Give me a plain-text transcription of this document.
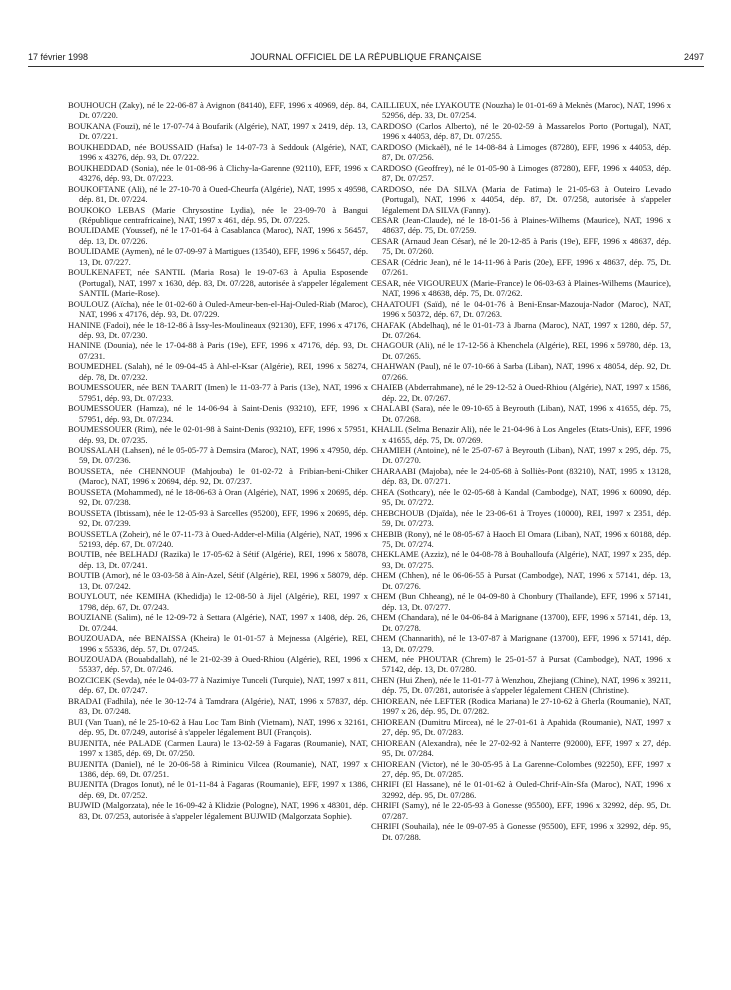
17 février 1998	JOURNAL OFFICIEL DE LA RÉPUBLIQUE FRANÇAISE	2497

BOUHOUCH (Zaky), né le 22-06-87 à Avignon (84140), EFF, 1996 x 40969, dép. 84, Dt. 07/220.

BOUKANA (Fouzi), né le 17-07-74 à Boufarik (Algérie), NAT, 1997 x 2419, dép. 13, Dt. 07/221.

BOUKHEDDAD, née BOUSSAID (Hafsa) le 14-07-73 à Seddouk (Algérie), NAT, 1996 x 43276, dép. 93, Dt. 07/222.

BOUKHEDDAD (Sonia), née le 01-08-96 à Clichy-la-Garenne (92110), EFF, 1996 x 43276, dép. 93, Dt. 07/223.

BOUKOFTANE (Ali), né le 27-10-70 à Oued-Cheurfa (Algérie), NAT, 1995 x 49598, dép. 81, Dt. 07/224.

BOUKOKO LEBAS (Marie Chrysostine Lydia), née le 23-09-70 à Bangui (République centrafricaine), NAT, 1997 x 461, dép. 95, Dt. 07/225.

BOULIDAME (Youssef), né le 17-01-64 à Casablanca (Maroc), NAT, 1996 x 56457, dép. 13, Dt. 07/226.

BOULIDAME (Aymen), né le 07-09-97 à Martigues (13540), EFF, 1996 x 56457, dép. 13, Dt. 07/227.

BOULKENAFET, née SANTIL (Maria Rosa) le 19-07-63 à Apulia Esposende (Portugal), NAT, 1997 x 1630, dép. 83, Dt. 07/228, autorisée à s'appeler légalement SANTIL (Marie-Rose).

BOULOUZ (Aïcha), née le 01-02-60 à Ouled-Ameur-ben-el-Haj-Ouled-Riab (Maroc), NAT, 1996 x 47176, dép. 93, Dt. 07/229.

HANINE (Fadoi), née le 18-12-86 à Issy-les-Moulineaux (92130), EFF, 1996 x 47176, dép. 93, Dt. 07/230.

HANINE (Dounia), née le 17-04-88 à Paris (19e), EFF, 1996 x 47176, dép. 93, Dt. 07/231.

BOUMEDHEL (Salah), né le 09-04-45 à Ahl-el-Ksar (Algérie), REI, 1996 x 58274, dép. 78, Dt. 07/232.

BOUMESSOUER, née BEN TAARIT (Imen) le 11-03-77 à Paris (13e), NAT, 1996 x 57951, dép. 93, Dt. 07/233.

BOUMESSOUER (Hamza), né le 14-06-94 à Saint-Denis (93210), EFF, 1996 x 57951, dép. 93, Dt. 07/234.

BOUMESSOUER (Rim), née le 02-01-98 à Saint-Denis (93210), EFF, 1996 x 57951, dép. 93, Dt. 07/235.

BOUSSALAH (Lahsen), né le 05-05-77 à Demsira (Maroc), NAT, 1996 x 47950, dép. 59, Dt. 07/236.

BOUSSETA, née CHENNOUF (Mahjouba) le 01-02-72 à Fribian-beni-Chiker (Maroc), NAT, 1996 x 20694, dép. 92, Dt. 07/237.

BOUSSETA (Mohammed), né le 18-06-63 à Oran (Algérie), NAT, 1996 x 20695, dép. 92, Dt. 07/238.

BOUSSETA (Ibtissam), née le 12-05-93 à Sarcelles (95200), EFF, 1996 x 20695, dép. 92, Dt. 07/239.

BOUSSETLA (Zoheir), né le 07-11-73 à Oued-Adder-el-Milia (Algérie), NAT, 1996 x 52193, dép. 67, Dt. 07/240.

BOUTIB, née BELHADJ (Razika) le 17-05-62 à Sétif (Algérie), REI, 1996 x 58078, dép. 13, Dt. 07/241.

BOUTIB (Amor), né le 03-03-58 à Aïn-Azel, Sétif (Algérie), REI, 1996 x 58079, dép. 13, Dt. 07/242.

BOUYLOUT, née KEMIHA (Khedidja) le 12-08-50 à Jijel (Algérie), REI, 1997 x 1798, dép. 67, Dt. 07/243.

BOUZIANE (Salim), né le 12-09-72 à Settara (Algérie), NAT, 1997 x 1408, dép. 26, Dt. 07/244.

BOUZOUADA, née BENAISSA (Kheira) le 01-01-57 à Mejnessa (Algérie), REI, 1996 x 55336, dép. 57, Dt. 07/245.

BOUZOUADA (Bouabdallah), né le 21-02-39 à Oued-Rhiou (Algérie), REI, 1996 x 55337, dép. 57, Dt. 07/246.

BOZCICEK (Sevda), née le 04-03-77 à Nazimiye Tunceli (Turquie), NAT, 1997 x 811, dép. 67, Dt. 07/247.

BRADAI (Fadhila), née le 30-12-74 à Tamdrara (Algérie), NAT, 1996 x 57837, dép. 83, Dt. 07/248.

BUI (Van Tuan), né le 25-10-62 à Hau Loc Tam Binh (Vietnam), NAT, 1996 x 32161, dép. 95, Dt. 07/249, autorisé à s'appeler légalement BUI (François).

BUJENITA, née PALADE (Carmen Laura) le 13-02-59 à Fagaras (Roumanie), NAT, 1997 x 1385, dép. 69, Dt. 07/250.

BUJENITA (Daniel), né le 20-06-58 à Riminicu Vilcea (Roumanie), NAT, 1997 x 1386, dép. 69, Dt. 07/251.

BUJENITA (Dragos Ionut), né le 01-11-84 à Fagaras (Roumanie), EFF, 1997 x 1386, dép. 69, Dt. 07/252.

BUJWID (Malgorzata), née le 16-09-42 à Klidzie (Pologne), NAT, 1996 x 48301, dép. 83, Dt. 07/253, autorisée à s'appeler légalement BUJWID (Malgorzata Sophie).

CAILLIEUX, née LYAKOUTE (Nouzha) le 01-01-69 à Meknès (Maroc), NAT, 1996 x 52956, dép. 33, Dt. 07/254.

CARDOSO (Carlos Alberto), né le 20-02-59 à Massarelos Porto (Portugal), NAT, 1996 x 44053, dép. 87, Dt. 07/255.

CARDOSO (Mickaël), né le 14-08-84 à Limoges (87280), EFF, 1996 x 44053, dép. 87, Dt. 07/256.

CARDOSO (Geoffrey), né le 01-05-90 à Limoges (87280), EFF, 1996 x 44053, dép. 87, Dt. 07/257.

CARDOSO, née DA SILVA (Maria de Fatima) le 21-05-63 à Outeiro Levado (Portugal), NAT, 1996 x 44054, dép. 87, Dt. 07/258, autorisée à s'appeler légalement DA SILVA (Fanny).

CESAR (Jean-Claude), né le 18-01-56 à Plaines-Wilhems (Maurice), NAT, 1996 x 48637, dép. 75, Dt. 07/259.

CESAR (Arnaud Jean César), né le 20-12-85 à Paris (19e), EFF, 1996 x 48637, dép. 75, Dt. 07/260.

CESAR (Cédric Jean), né le 14-11-96 à Paris (20e), EFF, 1996 x 48637, dép. 75, Dt. 07/261.

CESAR, née VIGOUREUX (Marie-France) le 06-03-63 à Plaines-Wilhems (Maurice), NAT, 1996 x 48638, dép. 75, Dt. 07/262.

CHAATOUFI (Saïd), né le 04-01-76 à Beni-Ensar-Mazouja-Nador (Maroc), NAT, 1996 x 50372, dép. 67, Dt. 07/263.

CHAFAK (Abdelhaq), né le 01-01-73 à Jbarna (Maroc), NAT, 1997 x 1280, dép. 57, Dt. 07/264.

CHAGOUR (Ali), né le 17-12-56 à Khenchela (Algérie), REI, 1996 x 59780, dép. 13, Dt. 07/265.

CHAHWAN (Paul), né le 07-10-66 à Sarba (Liban), NAT, 1996 x 48054, dép. 92, Dt. 07/266.

CHAIEB (Abderrahmane), né le 29-12-52 à Oued-Rhiou (Algérie), NAT, 1997 x 1586, dép. 22, Dt. 07/267.

CHALABI (Sara), née le 09-10-65 à Beyrouth (Liban), NAT, 1996 x 41655, dép. 75, Dt. 07/268.

KHALIL (Selma Benazir Ali), née le 21-04-96 à Los Angeles (Etats-Unis), EFF, 1996 x 41655, dép. 75, Dt. 07/269.

CHAMIEH (Antoine), né le 25-07-67 à Beyrouth (Liban), NAT, 1997 x 295, dép. 75, Dt. 07/270.

CHARAABI (Majoba), née le 24-05-68 à Solliès-Pont (83210), NAT, 1995 x 13128, dép. 83, Dt. 07/271.

CHEA (Sothcary), née le 02-05-68 à Kandal (Cambodge), NAT, 1996 x 60090, dép. 95, Dt. 07/272.

CHEBCHOUB (Djaïda), née le 23-06-61 à Troyes (10000), REI, 1997 x 2351, dép. 59, Dt. 07/273.

CHEBIB (Rony), né le 08-05-67 à Haoch El Omara (Liban), NAT, 1996 x 60188, dép. 75, Dt. 07/274.

CHEKLAME (Azziz), né le 04-08-78 à Bouhalloufa (Algérie), NAT, 1997 x 235, dép. 93, Dt. 07/275.

CHEM (Chhen), né le 06-06-55 à Pursat (Cambodge), NAT, 1996 x 57141, dép. 13, Dt. 07/276.

CHEM (Bun Chheang), né le 04-09-80 à Chonbury (Thaïlande), EFF, 1996 x 57141, dép. 13, Dt. 07/277.

CHEM (Chandara), né le 04-06-84 à Marignane (13700), EFF, 1996 x 57141, dép. 13, Dt. 07/278.

CHEM (Channarith), né le 13-07-87 à Marignane (13700), EFF, 1996 x 57141, dép. 13, Dt. 07/279.

CHEM, née PHOUTAR (Chrem) le 25-01-57 à Pursat (Cambodge), NAT, 1996 x 57142, dép. 13, Dt. 07/280.

CHEN (Hui Zhen), née le 11-01-77 à Wenzhou, Zhejiang (Chine), NAT, 1996 x 39211, dép. 75, Dt. 07/281, autorisée à s'appeler légalement CHEN (Christine).

CHIOREAN, née LEFTER (Rodica Mariana) le 27-10-62 à Gherla (Roumanie), NAT, 1997 x 26, dép. 95, Dt. 07/282.

CHIOREAN (Dumitru Mircea), né le 27-01-61 à Apahida (Roumanie), NAT, 1997 x 27, dép. 95, Dt. 07/283.

CHIOREAN (Alexandra), née le 27-02-92 à Nanterre (92000), EFF, 1997 x 27, dép. 95, Dt. 07/284.

CHIOREAN (Victor), né le 30-05-95 à La Garenne-Colombes (92250), EFF, 1997 x 27, dép. 95, Dt. 07/285.

CHRIFI (El Hassane), né le 01-01-62 à Ouled-Chrif-Aïn-Sfa (Maroc), NAT, 1996 x 32992, dép. 95, Dt. 07/286.

CHRIFI (Samy), né le 22-05-93 à Gonesse (95500), EFF, 1996 x 32992, dép. 95, Dt. 07/287.

CHRIFI (Souhaila), née le 09-07-95 à Gonesse (95500), EFF, 1996 x 32992, dép. 95, Dt. 07/288.
